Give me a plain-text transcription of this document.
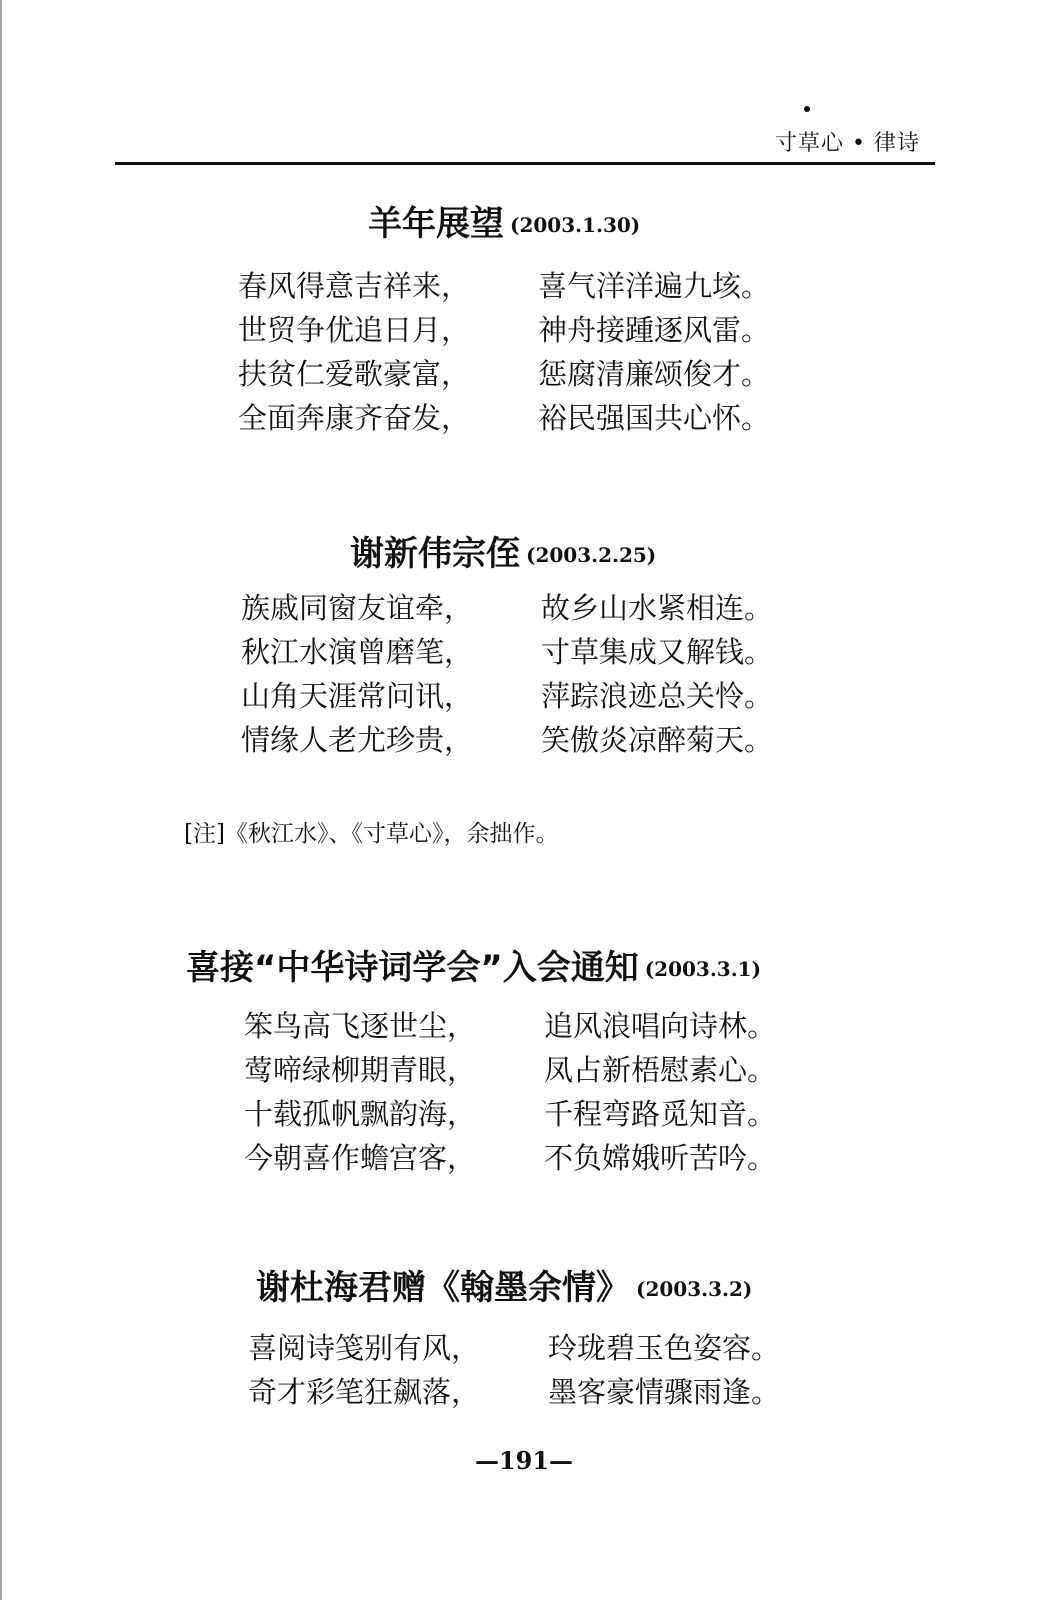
寸草心 • 律诗
羊年展望 (2003.1.30)
春风得意吉祥来，	喜气洋洋遍九垓。
世贸争优追日月，	神舟接踵逐风雷。
扶贫仁爱歌豪富，	惩腐清廉颂俊才。
全面奔康齐奋发，	裕民强国共心怀。
谢新伟宗侄 (2003.2.25)
族戚同窗友谊牵，	故乡山水紧相连。
秋江水演曾磨笔，	寸草集成又解钱。
山角天涯常问讯，	萍踪浪迹总关怜。
情缘人老尤珍贵，	笑傲炎凉醉菊天。
[注]《秋江水》、《寸草心》，余拙作。
喜接“中华诗词学会”入会通知 (2003.3.1)
笨鸟高飞逐世尘，	追风浪唱向诗林。
莺啼绿柳期青眼，	凤占新梧慰素心。
十载孤帆飘韵海，	千程弯路觅知音。
今朝喜作蟾宫客，	不负嫦娥听苦吟。
谢杜海君赠《翰墨余情》 (2003.3.2)
喜阅诗笺别有风，	玲珑碧玉色姿容。
奇才彩笔狂飙落，	墨客豪情骤雨逢。
—191—
